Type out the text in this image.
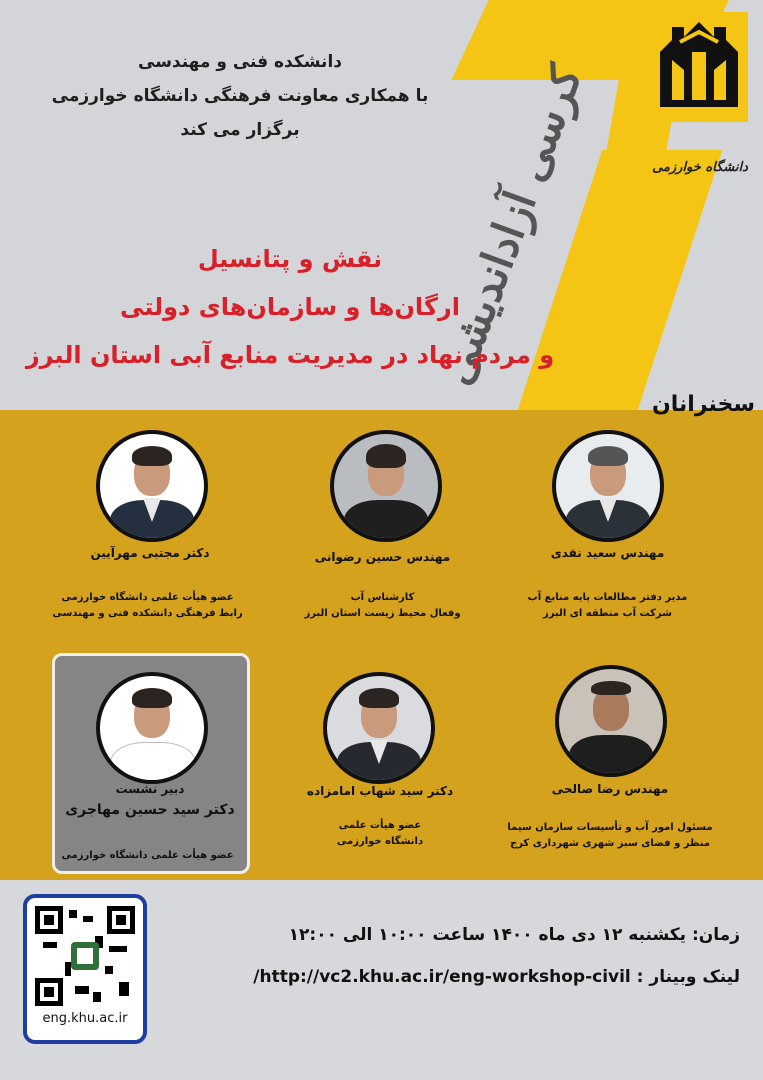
دانشگاه خوارزمی
دانشکده فنی و مهندسی
با همکاری معاونت فرهنگی دانشگاه خوارزمی
برگزار می کند	کرسی آزاداندیشی
نقش و پتانسیل
ارگان‌ها و سازمان‌های دولتی
و مردم نهاد در مدیریت منابع آبی استان البرز
سخنرانان
مهندس سعید نقدی
مدیر دفتر مطالعات پایه منابع آب
شرکت آب منطقه ای البرز
مهندس حسین رضوانی
کارشناس آب
وفعال محیط زیست استان البرز
دکتر مجتبی مهرآیین
عضو هیأت علمی دانشگاه خوارزمی
رابط فرهنگی دانشکده فنی و مهندسی
مهندس رضا صالحی
مسئول امور آب و تأسیسات سازمان سیما
منظر و فضای سبز شهری شهرداری کرج
دکتر سید شهاب امامزاده
عضو هیأت علمی
دانشگاه خوارزمی
دبیر نشست
دکتر سید حسین مهاجری
عضو هیأت علمی دانشگاه خوارزمی
زمان: یکشنبه ۱۲ دی ماه ۱۴۰۰ ساعت ۱۰:۰۰ الی ۱۲:۰۰
لینک وبینار : http://vc2.khu.ac.ir/eng-workshop-civil/
eng.khu.ac.ir
